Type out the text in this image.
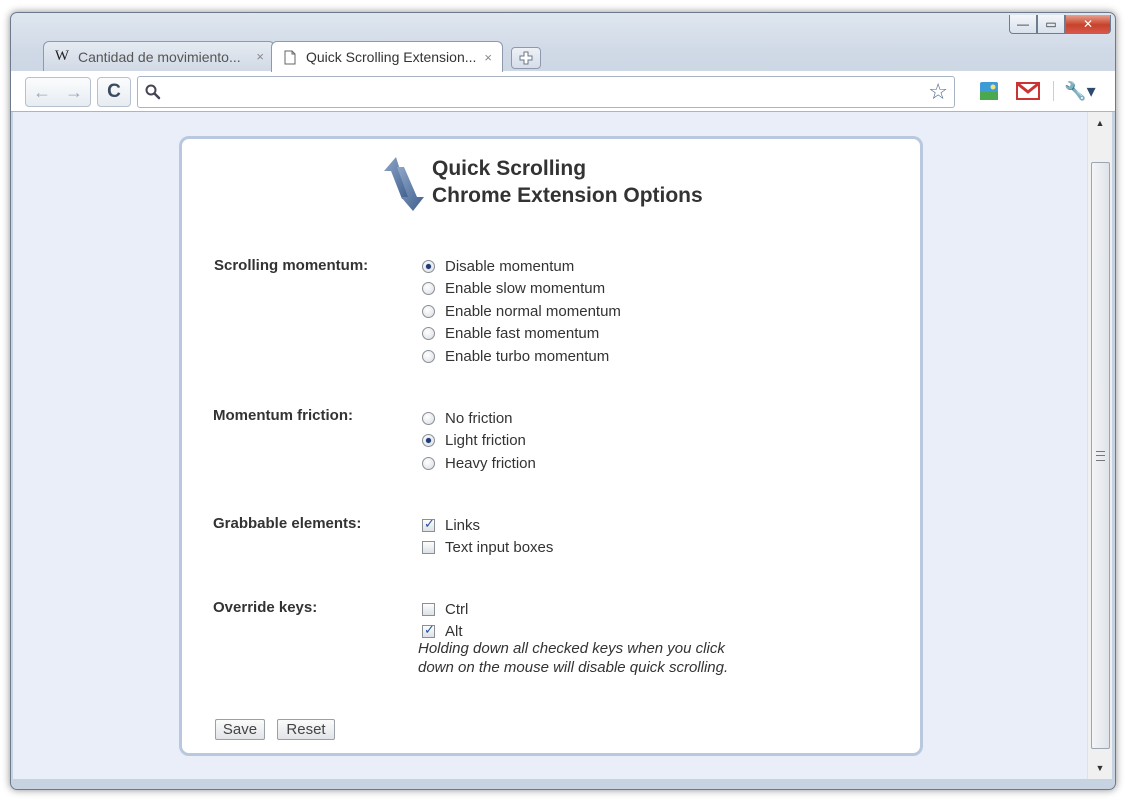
—	▭	✕
W Cantidad de movimiento...	×	Quick Scrolling Extension... ×
← →	C	☆	🔧▾
Quick Scrolling
Chrome Extension Options
Scrolling momentum:	Disable momentum
Enable slow momentum
Enable normal momentum
Enable fast momentum
Enable turbo momentum
Momentum friction:	No friction
Light friction
Heavy friction
Grabbable elements:
✓	Links
Text input boxes
Override keys:	Ctrl
✓
Alt
Holding down all checked keys when you click
down on the mouse will disable quick scrolling.
Save	Reset
▲
▼
